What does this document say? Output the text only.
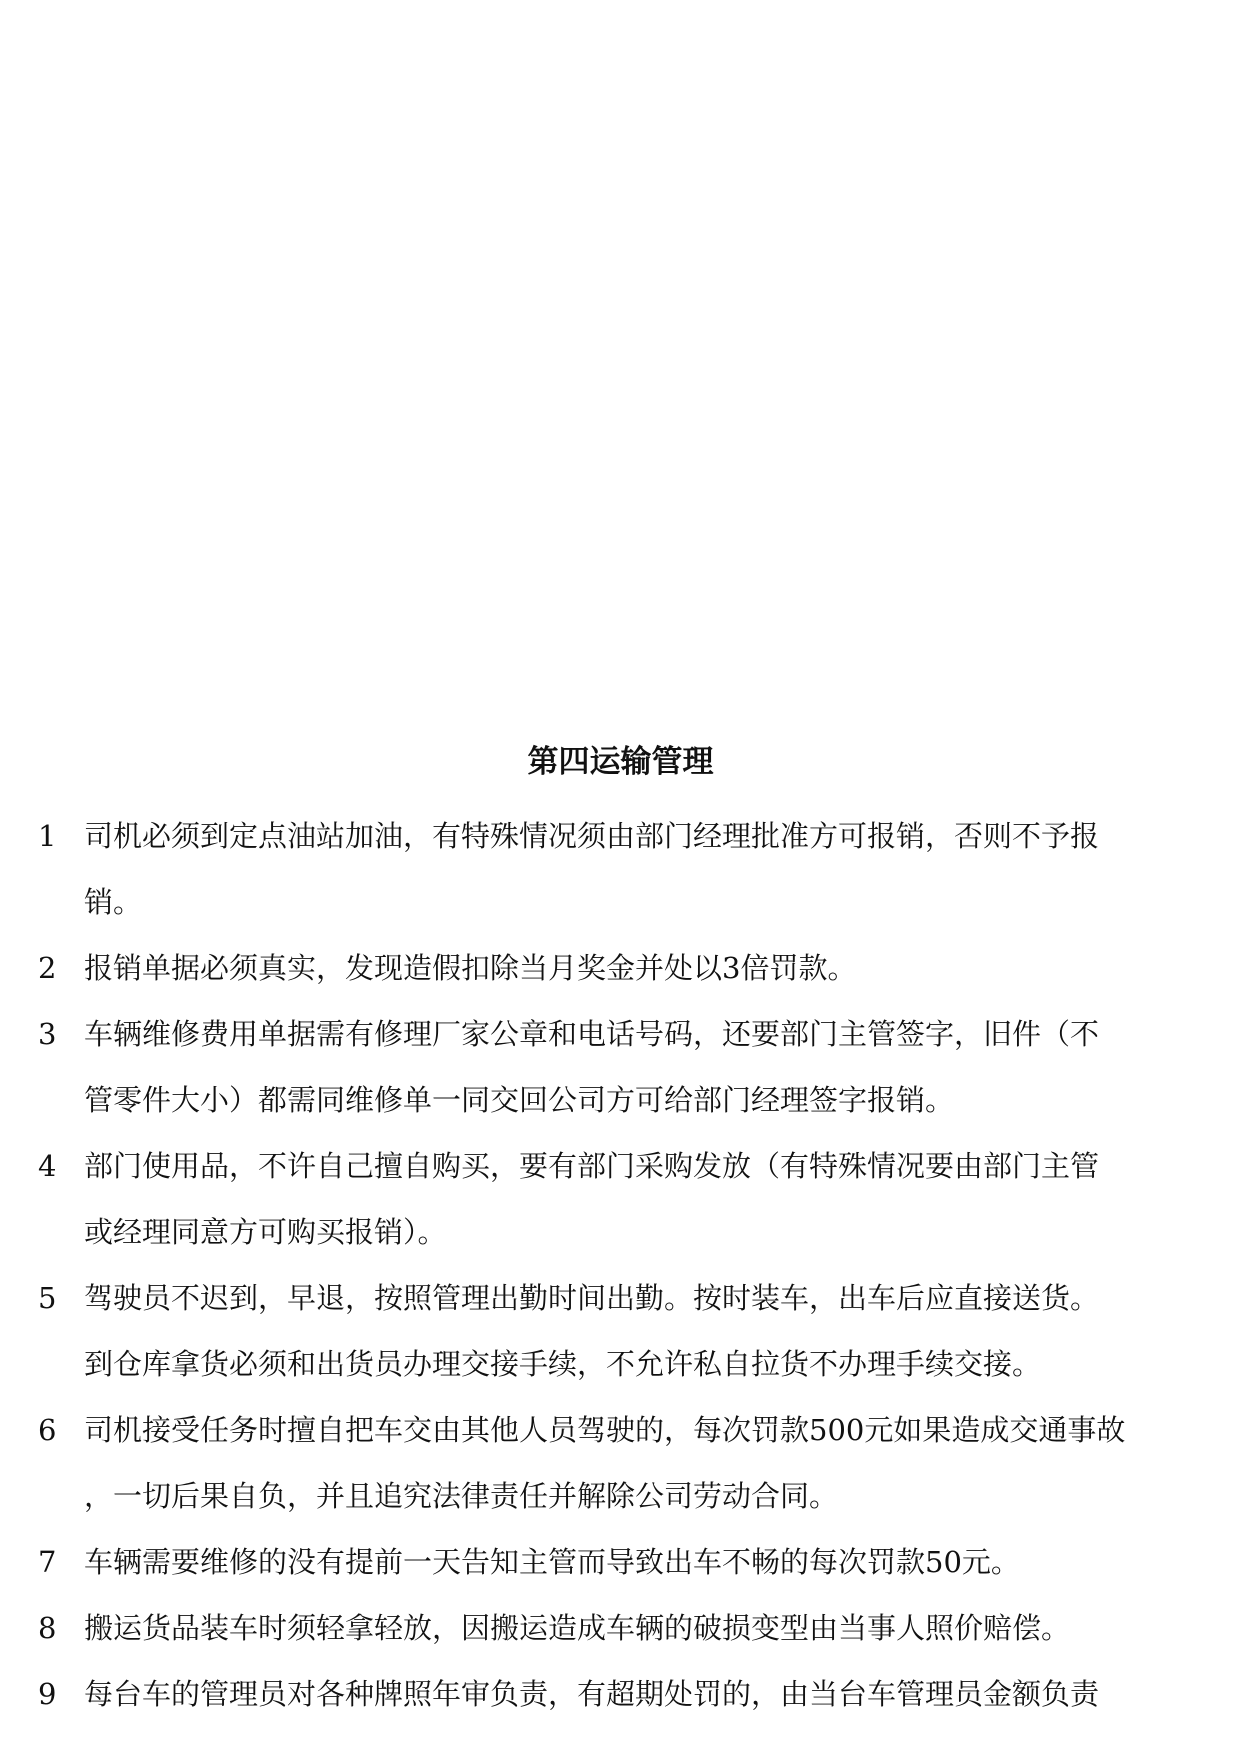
第四运输管理
1 司机必须到定点油站加油，有特殊情况须由部门经理批准方可报销，否则不予报
销。
2 报销单据必须真实，发现造假扣除当月奖金并处以3倍罚款。
3 车辆维修费用单据需有修理厂家公章和电话号码，还要部门主管签字，旧件（不
管零件大小）都需同维修单一同交回公司方可给部门经理签字报销。
4 部门使用品，不许自己擅自购买，要有部门采购发放（有特殊情况要由部门主管
或经理同意方可购买报销）。
5 驾驶员不迟到，早退，按照管理出勤时间出勤。按时装车，出车后应直接送货。
到仓库拿货必须和出货员办理交接手续，不允许私自拉货不办理手续交接。
6 司机接受任务时擅自把车交由其他人员驾驶的，每次罚款500元如果造成交通事故
，一切后果自负，并且追究法律责任并解除公司劳动合同。
7 车辆需要维修的没有提前一天告知主管而导致出车不畅的每次罚款50元。
8 搬运货品装车时须轻拿轻放，因搬运造成车辆的破损变型由当事人照价赔偿。
9 每台车的管理员对各种牌照年审负责，有超期处罚的，由当台车管理员金额负责
